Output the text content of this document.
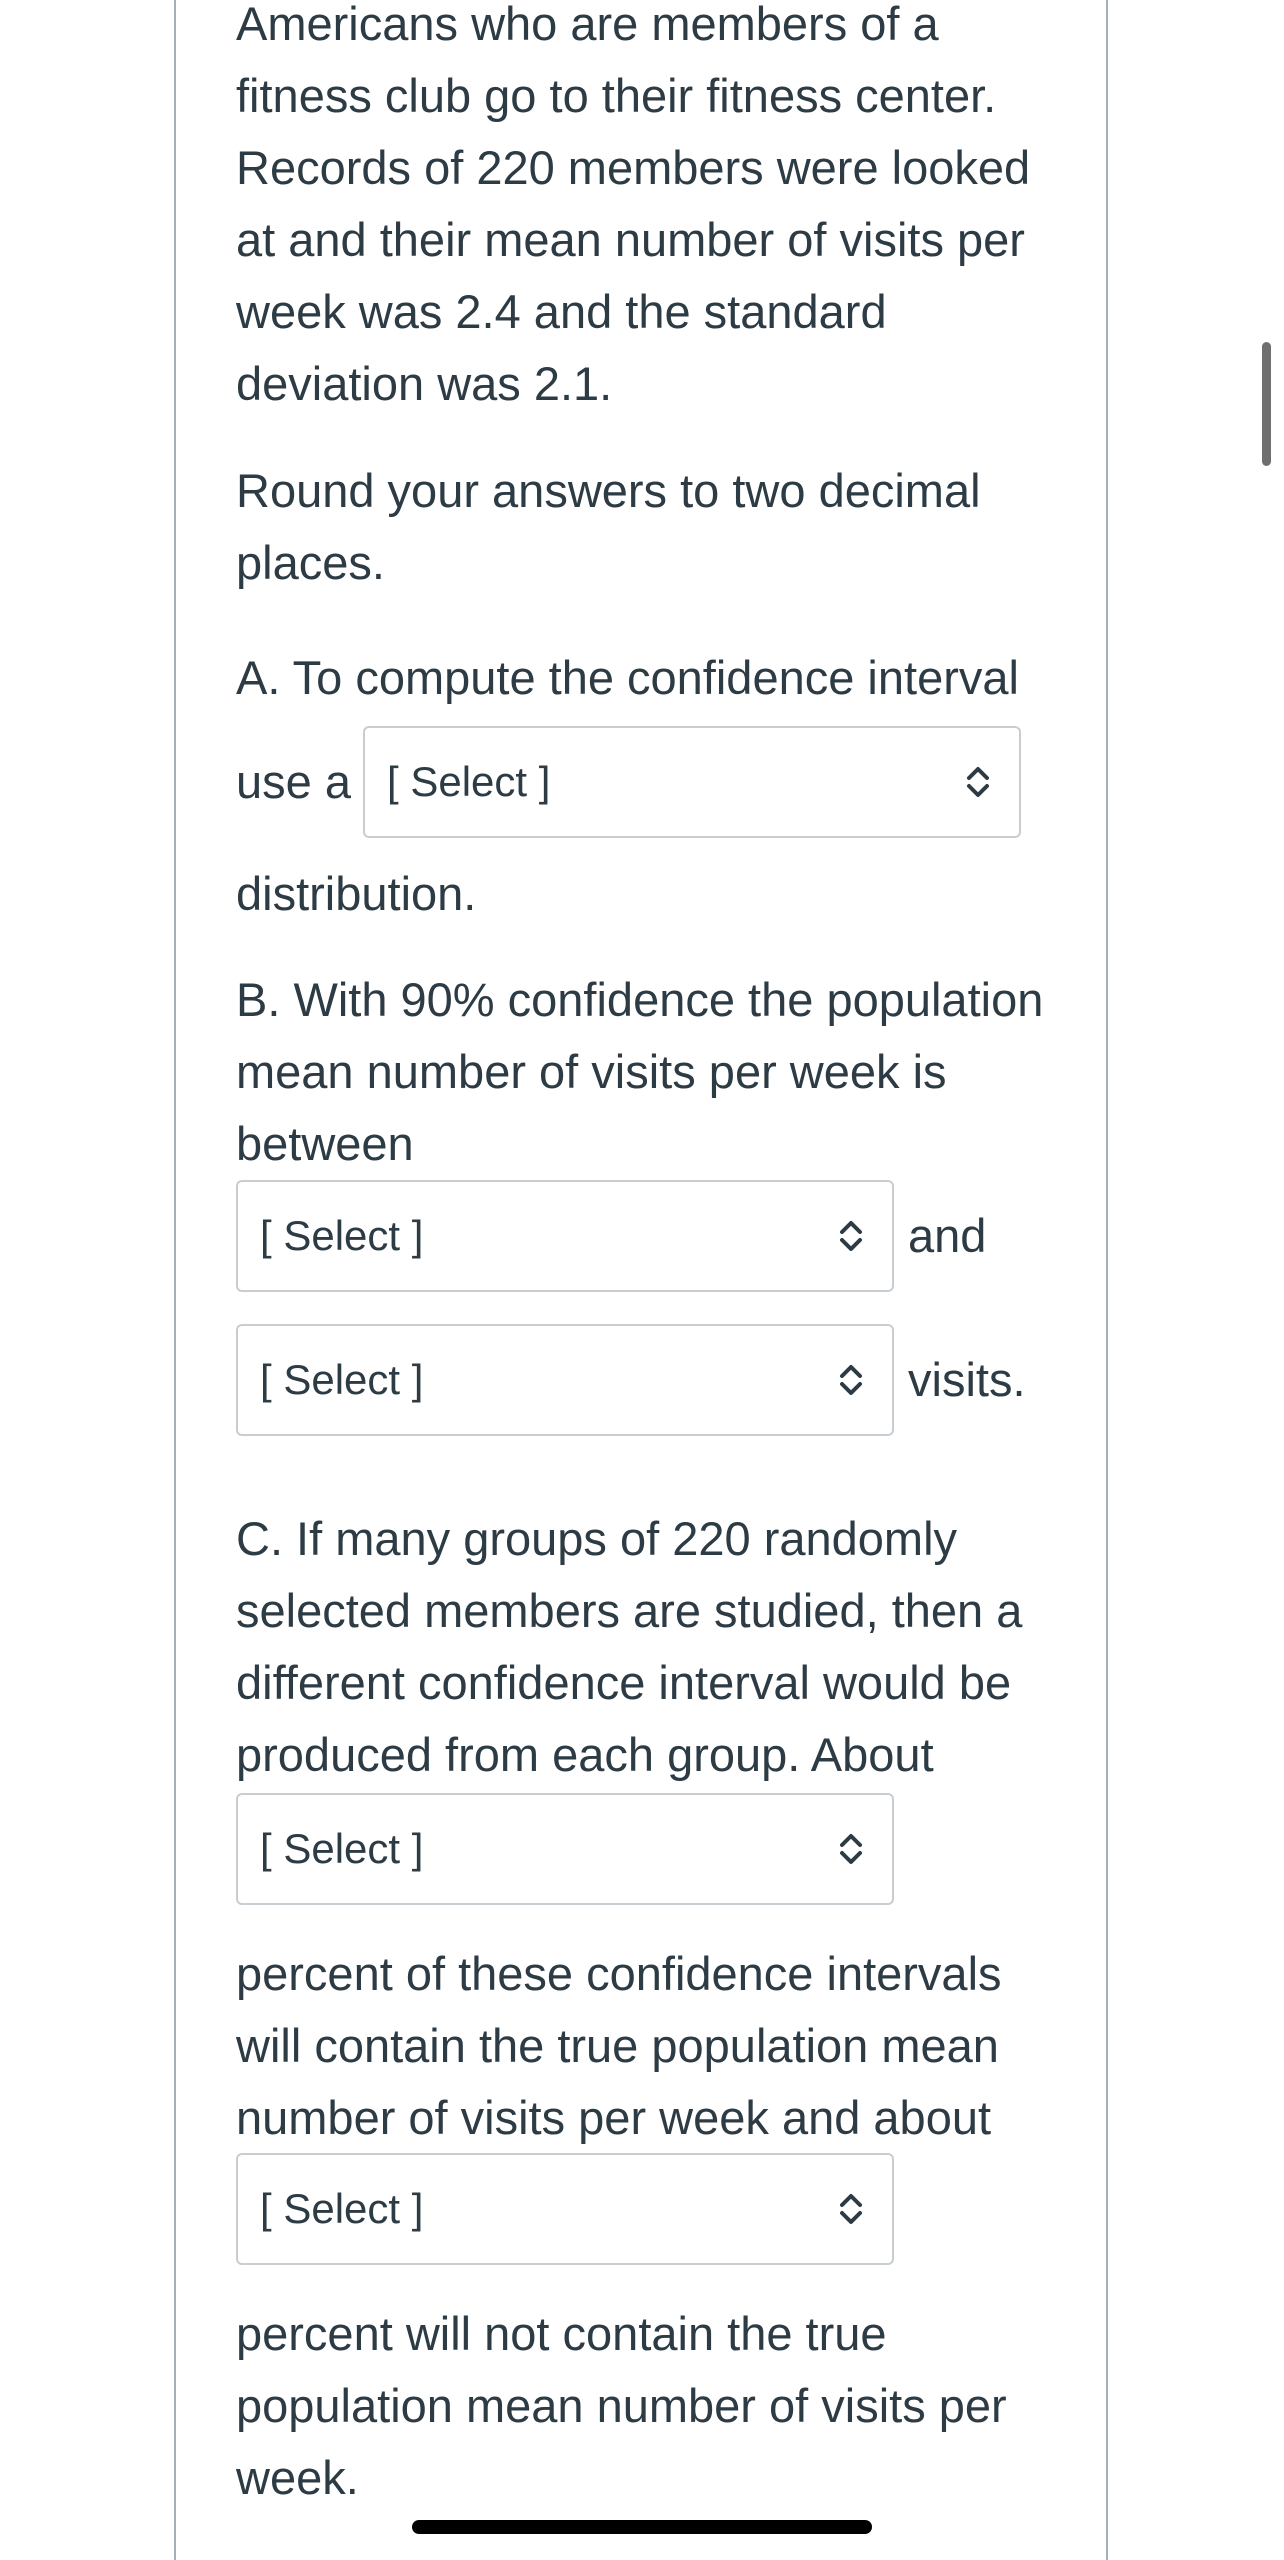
Americans who are members of a fitness club go to their fitness center. Records of 220 members were looked at and their mean number of visits per week was 2.4 and the standard deviation was 2.1.

Round your answers to two decimal places.

A. To compute the confidence interval

use a [ Select ]

distribution.

B. With 90% confidence the population mean number of visits per week is between

[ Select ]	and
[ Select ]	visits.

C. If many groups of 220 randomly selected members are studied, then a different confidence interval would be produced from each group. About

[ Select ]

percent of these confidence intervals will contain the true population mean number of visits per week and about

[ Select ]

percent will not contain the true population mean number of visits per week.
